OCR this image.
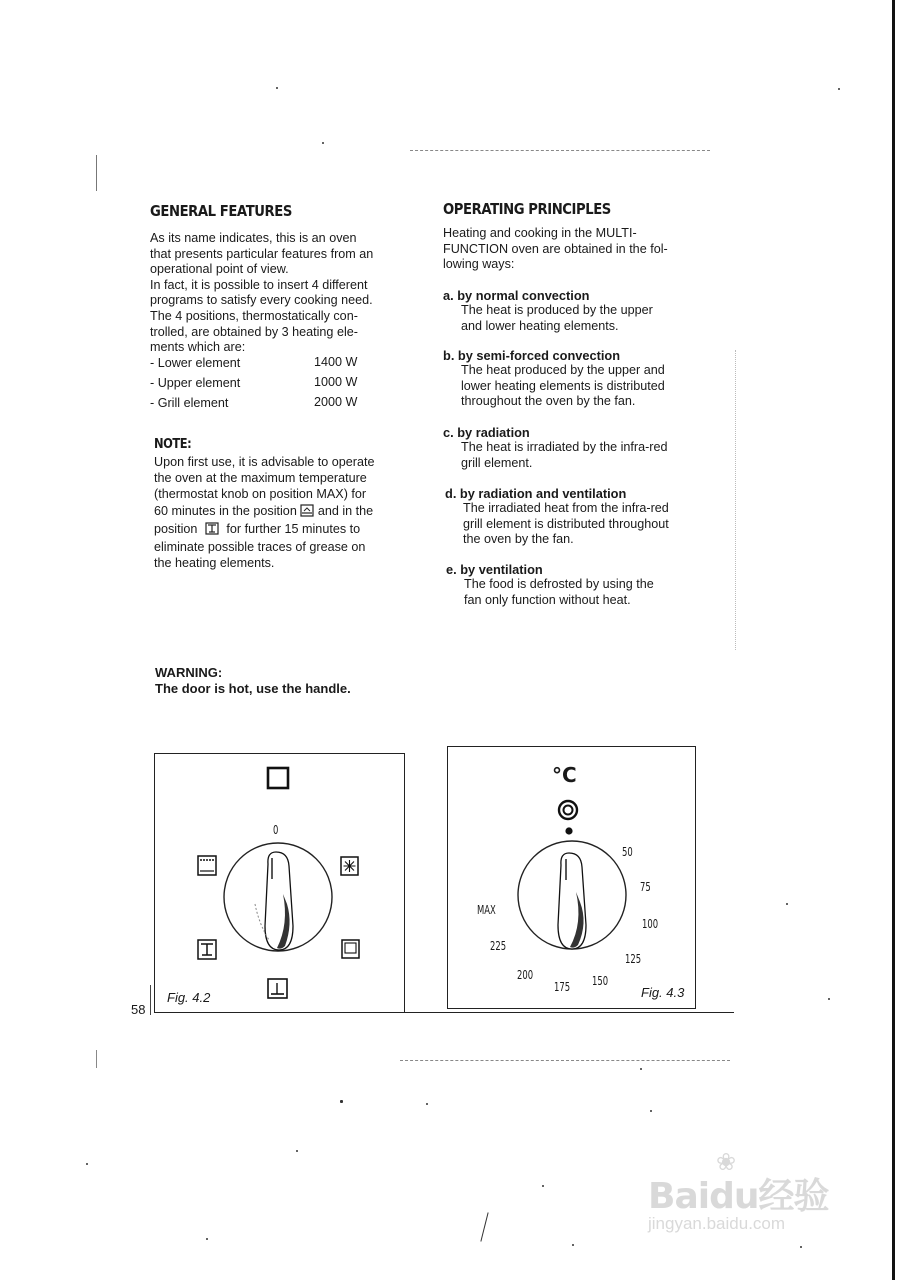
GENERAL FEATURES
As its name indicates, this is an oven
that presents particular features from an
operational point of view.
In fact, it is possible to insert 4 different
programs to satisfy every cooking need.
The 4 positions, thermostatically con-
trolled, are obtained by 3 heating ele-
ments which are:
- Lower element	1400 W
- Upper element	1000 W
- Grill element	2000 W
NOTE:
Upon first use, it is advisable to operate
the oven at the maximum temperature
(thermostat knob on position MAX) for
60 minutes in the position and in the
position for further 15 minutes to
eliminate possible traces of grease on
the heating elements.
WARNING:
The door is hot, use the handle.
OPERATING PRINCIPLES
Heating and cooking in the MULTI-
FUNCTION oven are obtained in the fol-
lowing ways:
a. by normal convection
The heat is produced by the upper
and lower heating elements.
b. by semi-forced convection
The heat produced by the upper and
lower heating elements is distributed
throughout the oven by the fan.
c. by radiation
The heat is irradiated by the infra-red
grill element.
d. by radiation and ventilation
The irradiated heat from the infra-red
grill element is distributed throughout
the oven by the fan.
e. by ventilation
The food is defrosted by using the
fan only function without heat.
0
Fig. 4.2
°C
50
75
100
125
150
175
200
225
MAX
Fig. 4.3
58
Baidu经验
❀
jingyan.baidu.com
